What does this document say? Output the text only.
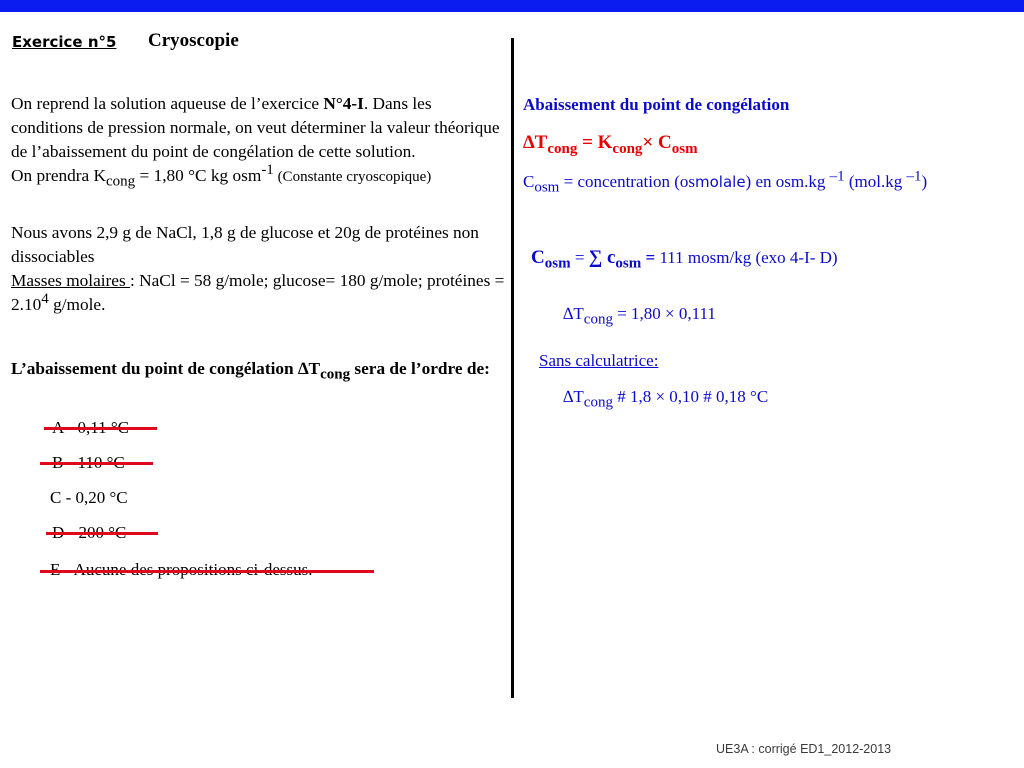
Exercice n°5 Cryoscopie
On reprend la solution aqueuse de l’exercice N°4-I. Dans les conditions de pression normale, on veut déterminer la valeur théorique de l’abaissement du point de congélation de cette solution.
On prendra $K_{cong} = 1,80$ °C kg osm$^{-1}$ (Constante cryoscopique)
Nous avons 2,9 g de NaCl, 1,8 g de glucose et 20g de protéines non dissociables
Masses molaires : NaCl = 58 g/mole; glucose= 180 g/mole; protéines = $2.10^4$ g/mole.
L’abaissement du point de congélation $\Delta T_{cong}$ sera de l’ordre de:
C - 0,20 °C
Abaissement du point de congélation
$\Delta T_{cong} = K_{cong}\times C_{osm}$
$C_{osm}$ = concentration (osmolale) en osm.kg $^{-1}$ (mol.kg $^{-1}$)
$C_{osm}$ = ∑ $c_{osm} = 111$ mosm/kg (exo 4-I- D)
$\Delta T_{cong} = 1,80 \times 0,111$
Sans calculatrice:
$\Delta T_{cong}$ # 1,8 × 0,10 # 0,18 °C
UE3A : corrigé ED1_2012-2013
